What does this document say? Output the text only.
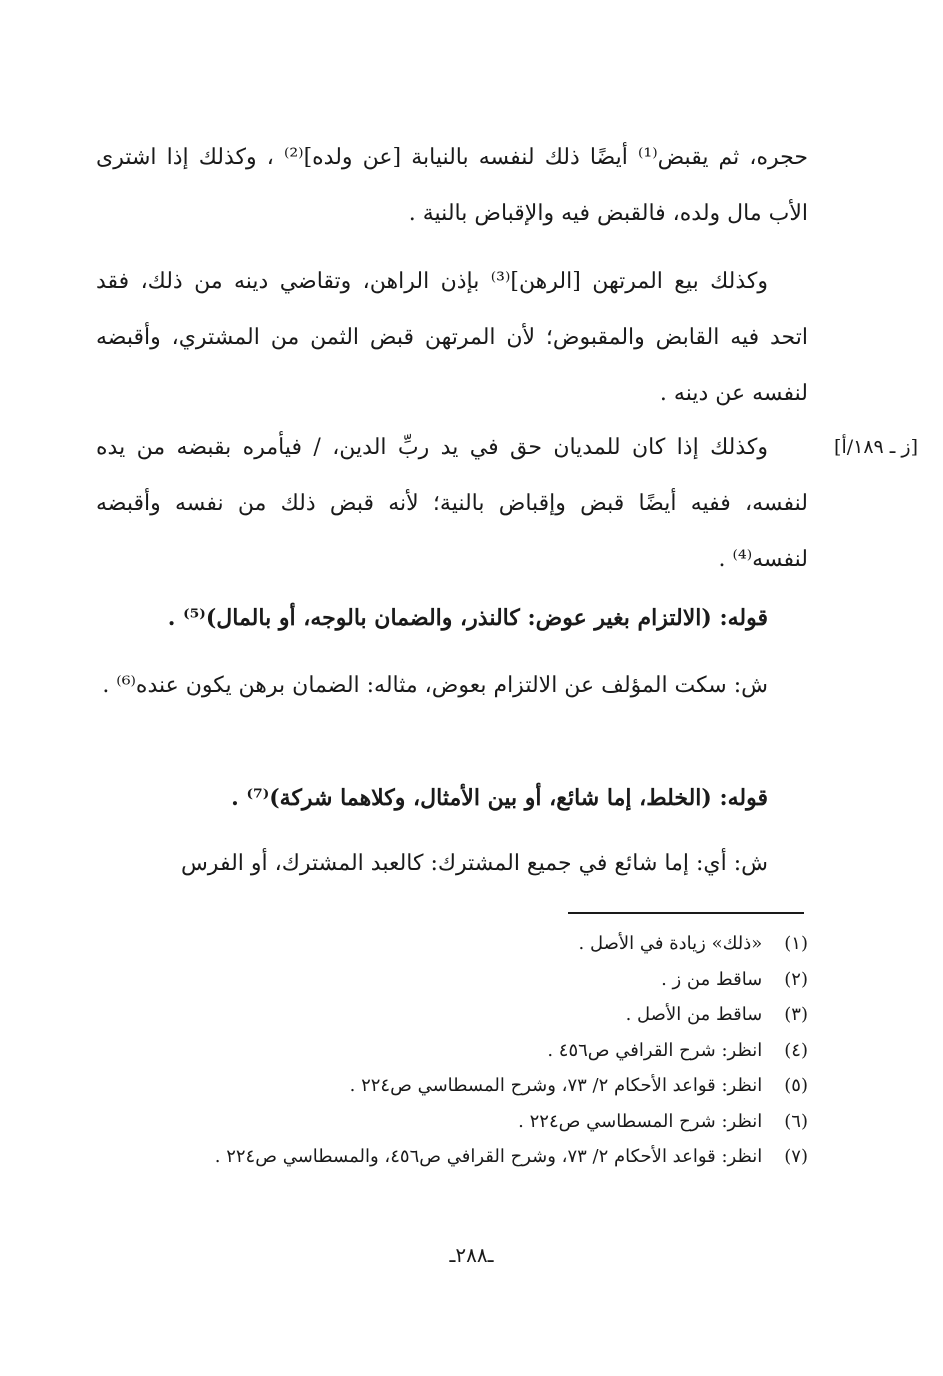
حجره، ثم يقبض⁽¹⁾ أيضًا ذلك لنفسه بالنيابة [عن ولده]⁽²⁾ ، وكذلك إذا اشترى الأب مال ولده، فالقبض فيه والإقباض بالنية .

وكذلك بيع المرتهن [الرهن]⁽³⁾ بإذن الراهن، وتقاضي دينه من ذلك، فقد اتحد فيه القابض والمقبوض؛ لأن المرتهن قبض الثمن من المشتري، وأقبضه لنفسه عن دينه .

[ز ـ ١٨٩/أ]

وكذلك إذا كان للمديان حق في يد ربِّ الدين، / فيأمره بقبضه من يده لنفسه، ففيه أيضًا قبض وإقباض بالنية؛ لأنه قبض ذلك من نفسه وأقبضه لنفسه⁽⁴⁾ .

قوله: (الالتزام بغير عوض: كالنذر، والضمان بالوجه، أو بالمال)⁽⁵⁾ .

ش: سكت المؤلف عن الالتزام بعوض، مثاله: الضمان برهن يكون عنده⁽⁶⁾ .

قوله: (الخلط، إما شائع، أو بين الأمثال، وكلاهما شركة)⁽⁷⁾ .

ش: أي: إما شائع في جميع المشترك: كالعبد المشترك، أو الفرس

(١) «ذلك» زيادة في الأصل .
(٢) ساقط من ز .
(٣) ساقط من الأصل .
(٤) انظر: شرح القرافي ص٤٥٦ .
(٥) انظر: قواعد الأحكام ٢/ ٧٣، وشرح المسطاسي ص٢٢٤ .
(٦) انظر: شرح المسطاسي ص٢٢٤ .
(٧) انظر: قواعد الأحكام ٢/ ٧٣، وشرح القرافي ص٤٥٦، والمسطاسي ص٢٢٤ .
ـ٢٨٨ـ
